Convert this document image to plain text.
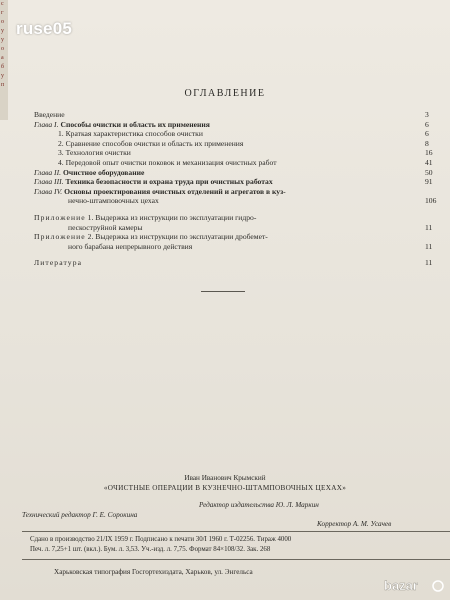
с
г
о
у
у
о
а
б
у
п
ruse05
ОГЛАВЛЕНИЕ
Введение	3
Глава I. Способы очистки и область их применения	6
1. Краткая характеристика способов очистки	6
2. Сравнение способов очистки и область их применения	8
3. Технология очистки	16
4. Передовой опыт очистки поковок и механизация очистных работ	41
Глава II. Очистное оборудование	50
Глава III. Техника безопасности и охрана труда при очистных работах	91
Глава IV. Основы проектирования очистных отделений и агрегатов в куз-
нечно-штамповочных цехах	106
Приложение 1. Выдержка из инструкции по эксплуатации гидро-
пескоструйной камеры	11
Приложение 2. Выдержка из инструкции по эксплуатации дробемет-
ного барабана непрерывного действия	11
Литература	11
Иван Иванович Крымский
«ОЧИСТНЫЕ ОПЕРАЦИИ В КУЗНЕЧНО-ШТАМПОВОЧНЫХ ЦЕХАХ»
Редактор издательства Ю. Л. Маркин
Технический редактор Г. Е. Сорокина
Корректор А. М. Усачев
Сдано в производство 21/IX 1959 г. Подписано к печати 30/I 1960 г. Т-02256. Тираж 4000
Печ. л. 7,25+1 шт. (вкл.). Бум. л. 3,53. Уч.-изд. л. 7,75. Формат 84×108/32. Зак. 268
Харьковская типография Госгортехиздата, Харьков, ул. Энгельса
bazar
